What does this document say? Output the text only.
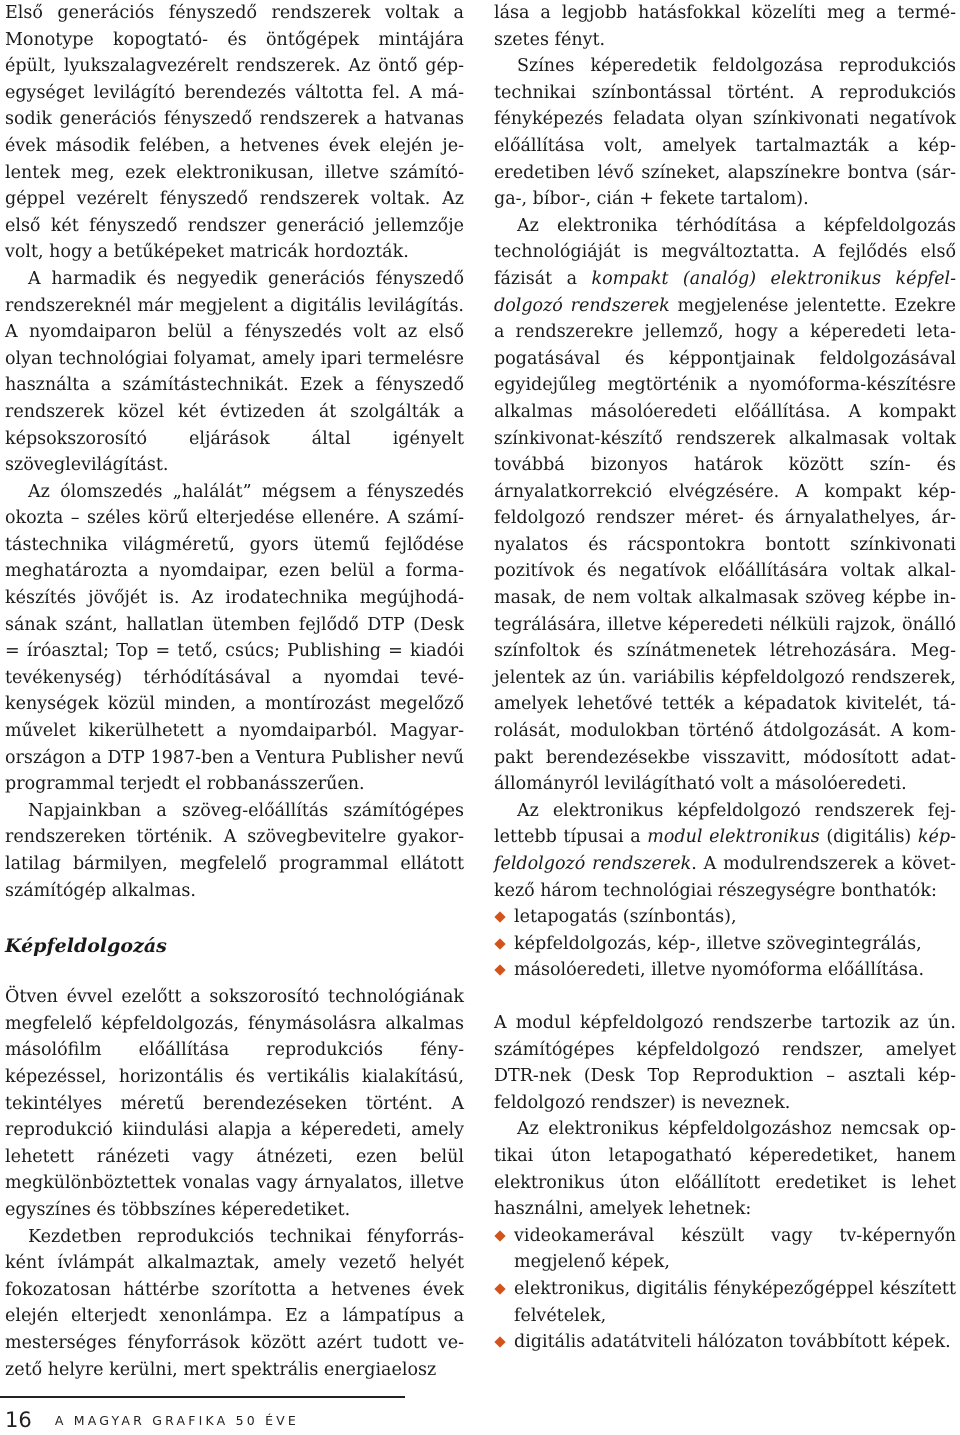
Első generációs fényszedő rendszerek voltak a Monotype kopogtató- és öntőgépek mintájára épült, lyukszalagvezérelt rendszerek. Az öntő gépegységet levilágító berendezés váltotta fel. A második generációs fényszedő rendszerek a hatvanas évek második felében, a hetvenes évek elején jelentek meg, ezek elektronikusan, illetve számítógéppel vezérelt fényszedő rendszerek voltak. Az első két fényszedő rendszer generáció jellemzője volt, hogy a betűképeket matricák hordozták.

A harmadik és negyedik generációs fényszedő rendszereknél már megjelent a digitális levilágítás. A nyomdaiparon belül a fényszedés volt az első olyan technológiai folyamat, amely ipari termelésre használta a számítástechnikát. Ezek a fényszedő rendszerek közel két évtizeden át szolgálták a képsokszorosító eljárások által igényelt szöveglevilágítást.

Az ólomszedés „halálát” mégsem a fényszedés okozta – széles körű elterjedése ellenére. A számítástechnika világméretű, gyors ütemű fejlődése meghatározta a nyomdaipar, ezen belül a formakészítés jövőjét is. Az irodatechnika megújhodásának szánt, hallatlan ütemben fejlődő DTP (Desk = íróasztal; Top = tető, csúcs; Publishing = kiadói tevékenység) térhódításával a nyomdai tevékenységek közül minden, a montírozást megelőző művelet kikerülhetett a nyomdaiparból. Magyarországon a DTP 1987-ben a Ventura Publisher nevű programmal terjedt el robbanásszerűen.

Napjainkban a szöveg-előállítás számítógépes rendszereken történik. A szövegbevitelre gyakorlatilag bármilyen, megfelelő programmal ellátott számítógép alkalmas.

Képfeldolgozás

Ötven évvel ezelőtt a sokszorosító technológiának megfelelő képfeldolgozás, fénymásolásra alkalmas másolófilm előállítása reprodukciós fényképezéssel, horizontális és vertikális kialakítású, tekintélyes méretű berendezéseken történt. A reprodukció kiindulási alapja a képeredeti, amely lehetett ránézeti vagy átnézeti, ezen belül megkülönböztettek vonalas vagy árnyalatos, illetve egyszínes és többszínes képeredetiket.

Kezdetben reprodukciós technikai fényforrásként ívlámpát alkalmaztak, amely vezető helyét fokozatosan háttérbe szorította a hetvenes évek elején elterjedt xenonlámpa. Ez a lámpatípus a mesterséges fényforrások között azért tudott vezető helyre kerülni, mert spektrális energiaelosz

lása a legjobb hatásfokkal közelíti meg a természetes fényt.

Színes képeredetik feldolgozása reprodukciós technikai színbontással történt. A reprodukciós fényképezés feladata olyan színkivonati negatívok előállítása volt, amelyek tartalmazták a képeredetiben lévő színeket, alapszínekre bontva (sárga-, bíbor-, cián + fekete tartalom).

Az elektronika térhódítása a képfeldolgozás technológiáját is megváltoztatta. A fejlődés első fázisát a kompakt (analóg) elektronikus képfeldolgozó rendszerek megjelenése jelentette. Ezekre a rendszerekre jellemző, hogy a képeredeti letapogatásával és képpontjainak feldolgozásával egyidejűleg megtörténik a nyomóforma-készítésre alkalmas másolóeredeti előállítása. A kompakt színkivonat-készítő rendszerek alkalmasak voltak továbbá bizonyos határok között szín- és árnyalatkorrekció elvégzésére. A kompakt képfeldolgozó rendszer méret- és árnyalathelyes, árnyalatos és rácspontokra bontott színkivonati pozitívok és negatívok előállítására voltak alkalmasak, de nem voltak alkalmasak szöveg képbe integrálására, illetve képeredeti nélküli rajzok, önálló színfoltok és színátmenetek létrehozására. Megjelentek az ún. variábilis képfeldolgozó rendszerek, amelyek lehetővé tették a képadatok kivitelét, tárolását, modulokban történő átdolgozását. A kompakt berendezésekbe visszavitt, módosított adatállományról levilágítható volt a másolóeredeti.

Az elektronikus képfeldolgozó rendszerek fejlettebb típusai a modul elektronikus (digitális) képfeldolgozó rendszerek. A modulrendszerek a következő három technológiai részegységre bonthatók:

letapogatás (színbontás),
képfeldolgozás, kép-, illetve szövegintegrálás,
másolóeredeti, illetve nyomóforma előállítása.

A modul képfeldolgozó rendszerbe tartozik az ún. számítógépes képfeldolgozó rendszer, amelyet DTR-nek (Desk Top Reproduktion – asztali képfeldolgozó rendszer) is neveznek.

Az elektronikus képfeldolgozáshoz nemcsak optikai úton letapogatható képeredetiket, hanem elektronikus úton előállított eredetiket is lehet használni, amelyek lehetnek:

videokamerával készült vagy tv-képernyőn megjelenő képek,
elektronikus, digitális fényképezőgéppel készített felvételek,
digitális adatátviteli hálózaton továbbított képek.
16 A MAGYAR GRAFIKA 50 ÉVE
